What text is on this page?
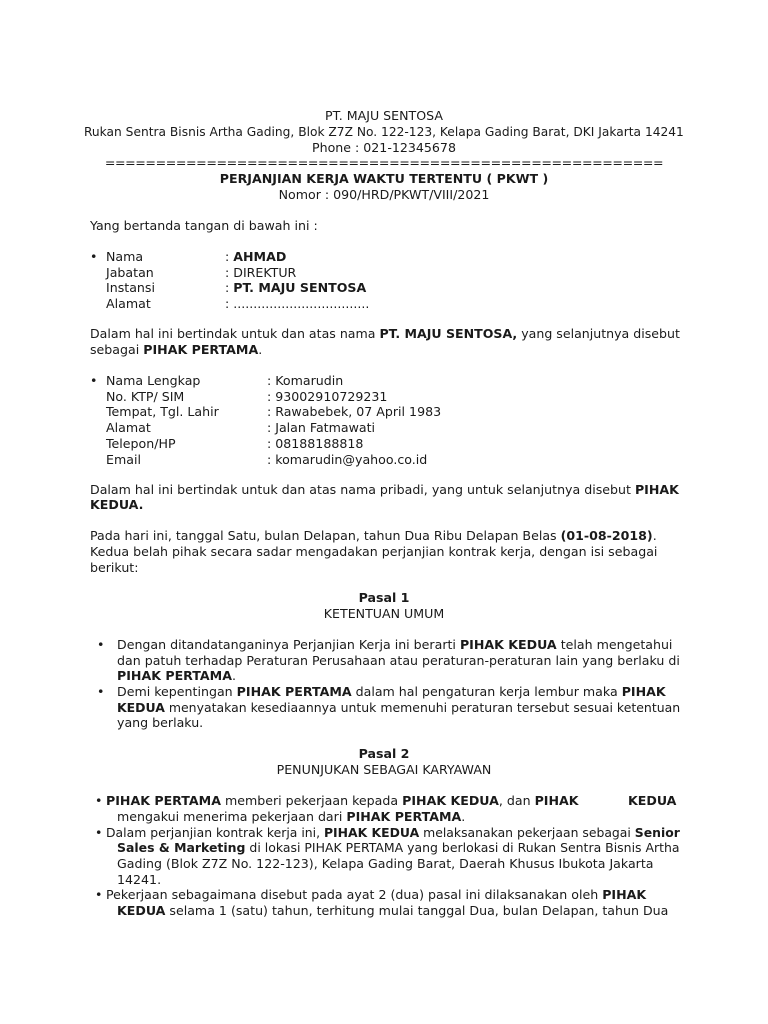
PT. MAJU SENTOSA
Rukan Sentra Bisnis Artha Gading, Blok Z7Z No. 122-123, Kelapa Gading Barat, DKI Jakarta 14241
Phone : 021-12345678
=======================================================
PERJANJIAN KERJA WAKTU TERTENTU ( PKWT )
Nomor : 090/HRD/PKWT/VIII/2021
Yang bertanda tangan di bawah ini :
• Nama	: AHMAD
Jabatan	: DIREKTUR
Instansi	: PT. MAJU SENTOSA
Alamat	: ..................................
Dalam hal ini bertindak untuk dan atas nama PT. MAJU SENTOSA, yang selanjutnya disebut
sebagai PIHAK PERTAMA.
• Nama Lengkap	: Komarudin
No. KTP/ SIM	: 93002910729231
Tempat, Tgl. Lahir	: Rawabebek, 07 April 1983
Alamat	: Jalan Fatmawati
Telepon/HP	: 08188188818
Email	: komarudin@yahoo.co.id
Dalam hal ini bertindak untuk dan atas nama pribadi, yang untuk selanjutnya disebut PIHAK
KEDUA.
Pada hari ini, tanggal Satu, bulan Delapan, tahun Dua Ribu Delapan Belas (01-08-2018).
Kedua belah pihak secara sadar mengadakan perjanjian kontrak kerja, dengan isi sebagai
berikut:
Pasal 1
KETENTUAN UMUM
• Dengan ditandatanganinya Perjanjian Kerja ini berarti PIHAK KEDUA telah mengetahui
dan patuh terhadap Peraturan Perusahaan atau peraturan-peraturan lain yang berlaku di
PIHAK PERTAMA.
• Demi kepentingan PIHAK PERTAMA dalam hal pengaturan kerja lembur maka PIHAK
KEDUA menyatakan kesediaannya untuk memenuhi peraturan tersebut sesuai ketentuan
yang berlaku.
Pasal 2
PENUNJUKAN SEBAGAI KARYAWAN
• PIHAK PERTAMA memberi pekerjaan kepada PIHAK KEDUA, dan PIHAK	KEDUA
mengakui menerima pekerjaan dari PIHAK PERTAMA.
• Dalam perjanjian kontrak kerja ini, PIHAK KEDUA melaksanakan pekerjaan sebagai Senior
Sales & Marketing di lokasi PIHAK PERTAMA yang berlokasi di Rukan Sentra Bisnis Artha
Gading (Blok Z7Z No. 122-123), Kelapa Gading Barat, Daerah Khusus Ibukota Jakarta
14241.
• Pekerjaan sebagaimana disebut pada ayat 2 (dua) pasal ini dilaksanakan oleh PIHAK
KEDUA selama 1 (satu) tahun, terhitung mulai tanggal Dua, bulan Delapan, tahun Dua
